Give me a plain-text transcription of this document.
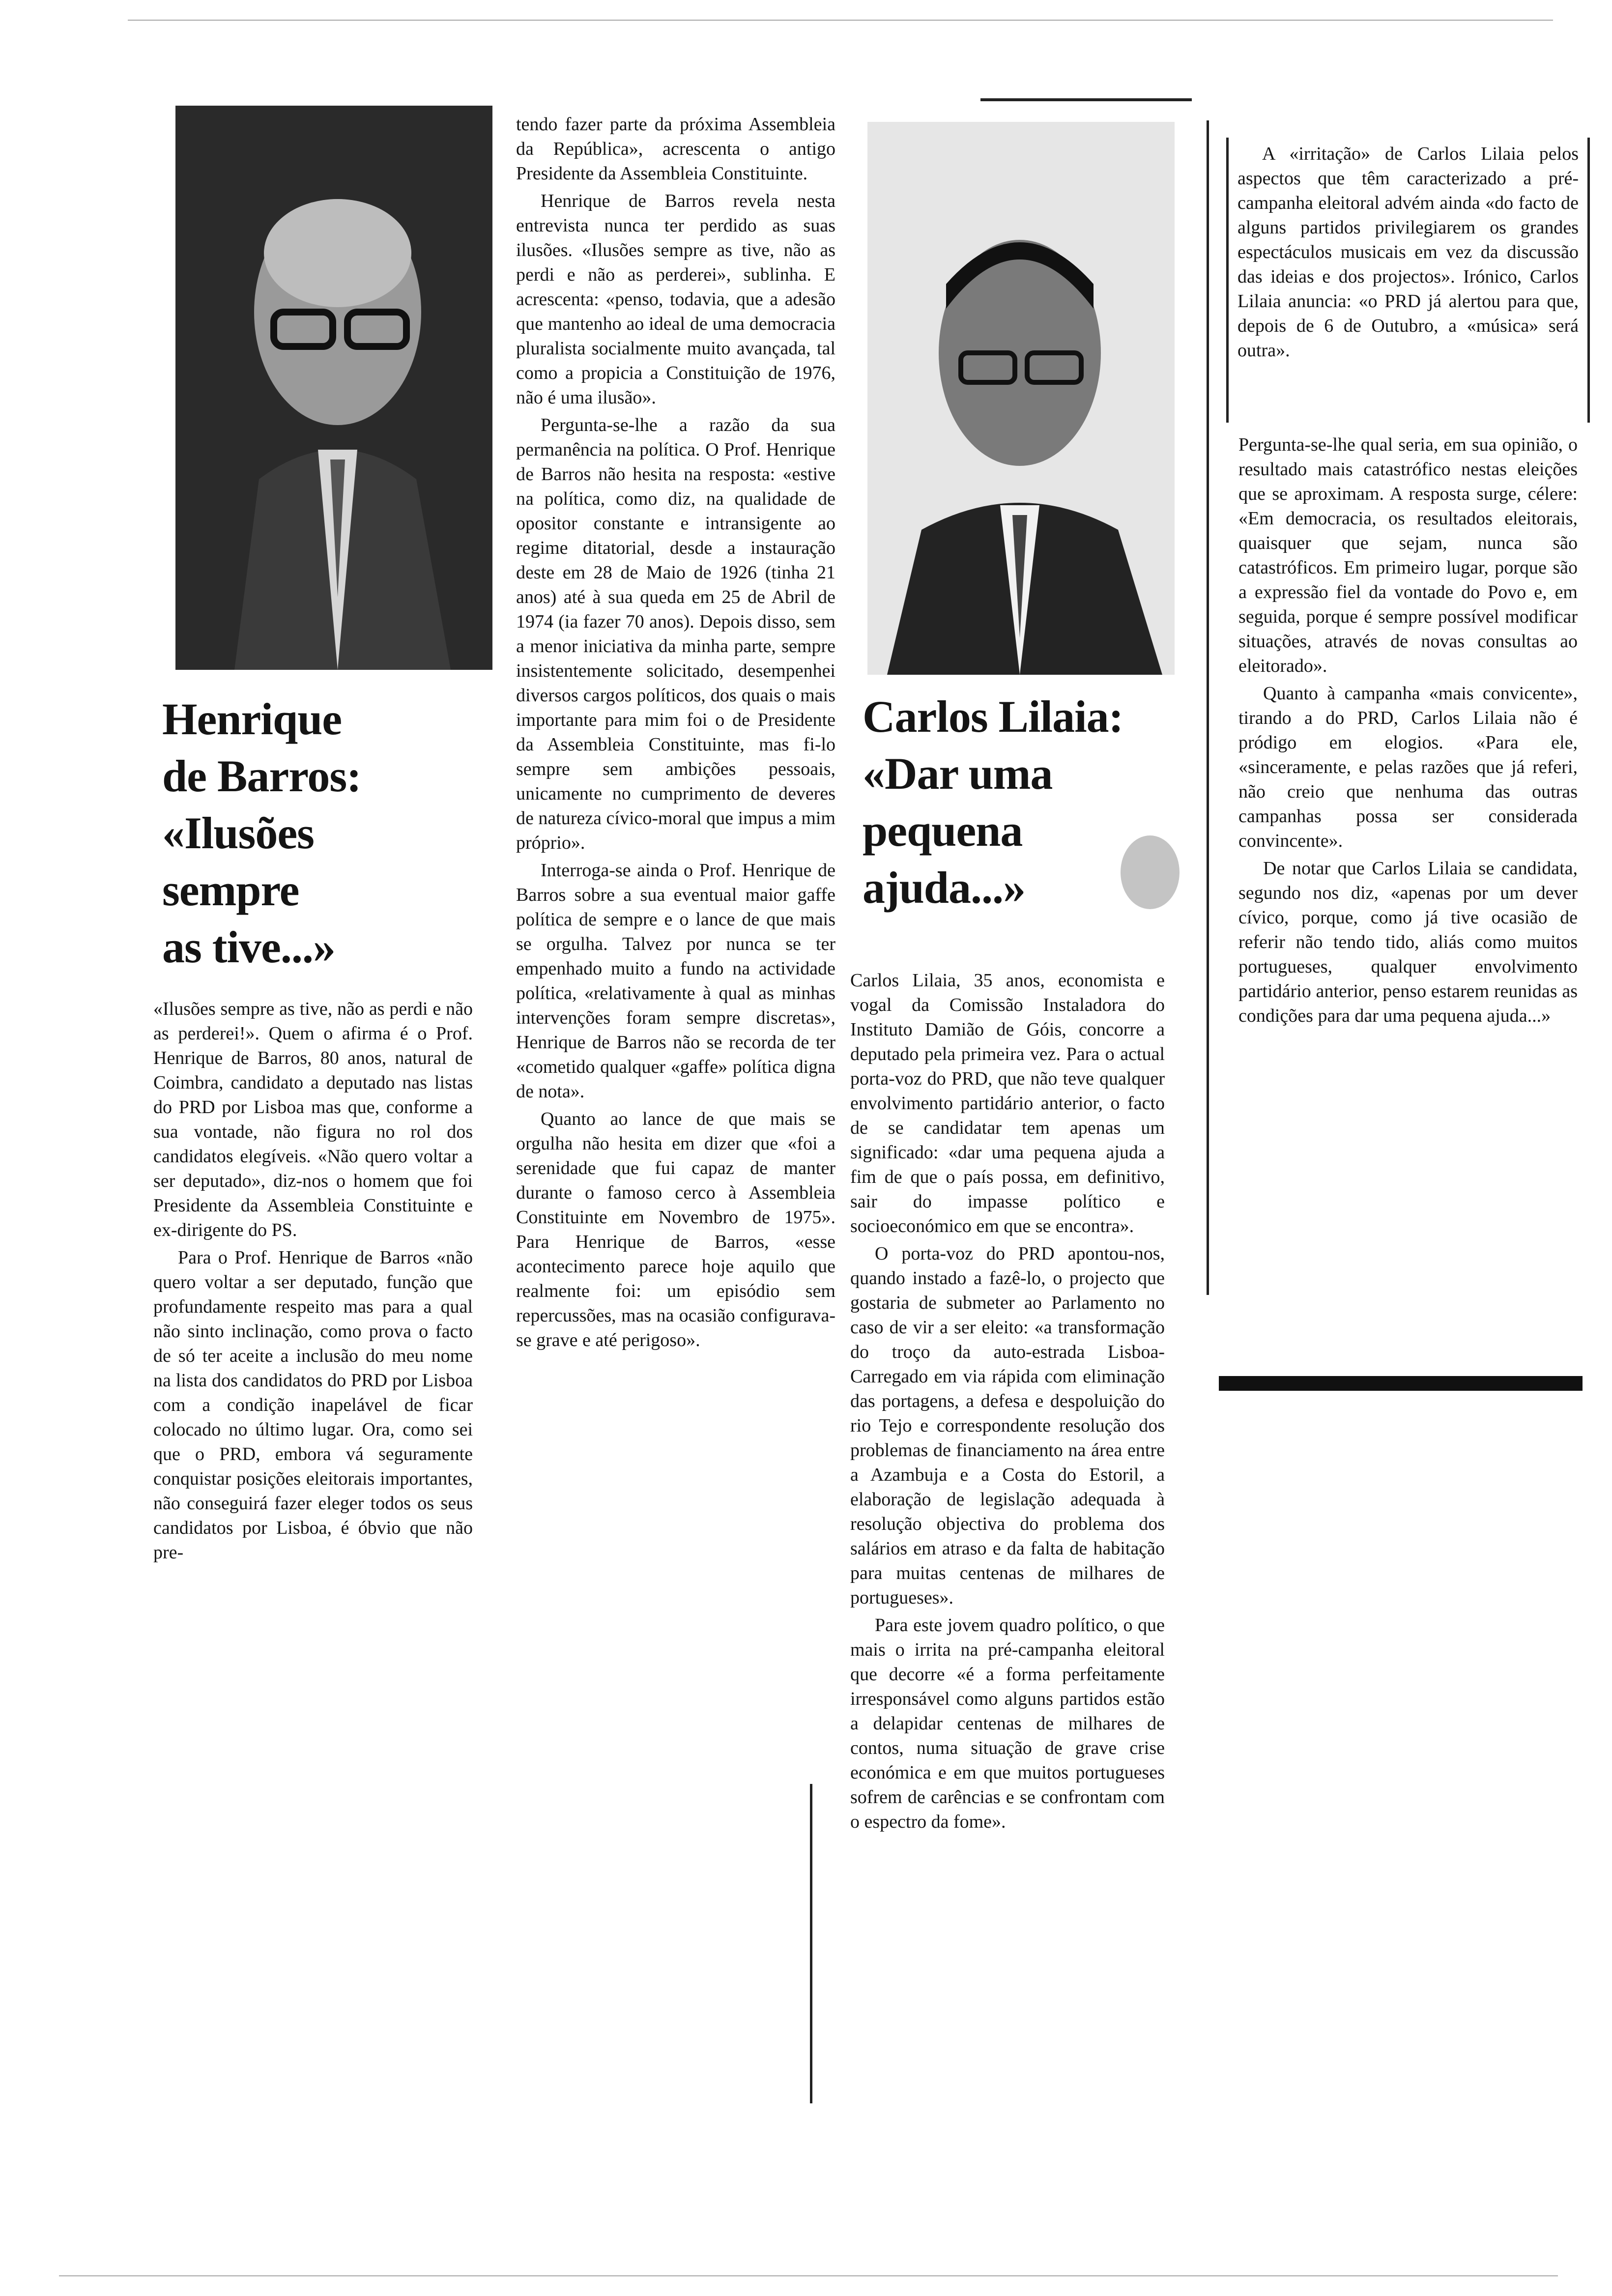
Henrique
de Barros:
«Ilusões
sempre
as tive...»

«Ilusões sempre as tive, não as perdi e não as perderei!». Quem o afirma é o Prof. Henrique de Barros, 80 anos, natural de Coimbra, candidato a deputado nas listas do PRD por Lisboa mas que, conforme a sua vontade, não figura no rol dos candidatos elegíveis. «Não quero voltar a ser deputado», diz-nos o homem que foi Presidente da Assembleia Constituinte e ex-dirigente do PS.

Para o Prof. Henrique de Barros «não quero voltar a ser deputado, função que profundamente respeito mas para a qual não sinto inclinação, como prova o facto de só ter aceite a inclusão do meu nome na lista dos candidatos do PRD por Lisboa com a condição inapelável de ficar colocado no último lugar. Ora, como sei que o PRD, embora vá seguramente conquistar posições eleitorais importantes, não conseguirá fazer eleger todos os seus candidatos por Lisboa, é óbvio que não pre-

tendo fazer parte da próxima Assembleia da República», acrescenta o antigo Presidente da Assembleia Constituinte.

Henrique de Barros revela nesta entrevista nunca ter perdido as suas ilusões. «Ilusões sempre as tive, não as perdi e não as perderei», sublinha. E acrescenta: «penso, todavia, que a adesão que mantenho ao ideal de uma democracia pluralista socialmente muito avançada, tal como a propicia a Constituição de 1976, não é uma ilusão».

Pergunta-se-lhe a razão da sua permanência na política. O Prof. Henrique de Barros não hesita na resposta: «estive na política, como diz, na qualidade de opositor constante e intransigente ao regime ditatorial, desde a instauração deste em 28 de Maio de 1926 (tinha 21 anos) até à sua queda em 25 de Abril de 1974 (ia fazer 70 anos). Depois disso, sem a menor iniciativa da minha parte, sempre insistentemente solicitado, desempenhei diversos cargos políticos, dos quais o mais importante para mim foi o de Presidente da Assembleia Constituinte, mas fi-lo sempre sem ambições pessoais, unicamente no cumprimento de deveres de natureza cívico-moral que impus a mim próprio».

Interroga-se ainda o Prof. Henrique de Barros sobre a sua eventual maior gaffe política de sempre e o lance de que mais se orgulha. Talvez por nunca se ter empenhado muito a fundo na actividade política, «relativamente à qual as minhas intervenções foram sempre discretas», Henrique de Barros não se recorda de ter «cometido qualquer «gaffe» política digna de nota».

Quanto ao lance de que mais se orgulha não hesita em dizer que «foi a serenidade que fui capaz de manter durante o famoso cerco à Assembleia Constituinte em Novembro de 1975». Para Henrique de Barros, «esse acontecimento parece hoje aquilo que realmente foi: um episódio sem repercussões, mas na ocasião configurava-se grave e até perigoso».

Carlos Lilaia:
«Dar uma
pequena
ajuda...»

Carlos Lilaia, 35 anos, economista e vogal da Comissão Instaladora do Instituto Damião de Góis, concorre a deputado pela primeira vez. Para o actual porta-voz do PRD, que não teve qualquer envolvimento partidário anterior, o facto de se candidatar tem apenas um significado: «dar uma pequena ajuda a fim de que o país possa, em definitivo, sair do impasse político e socioeconómico em que se encontra».

O porta-voz do PRD apontou-nos, quando instado a fazê-lo, o projecto que gostaria de submeter ao Parlamento no caso de vir a ser eleito: «a transformação do troço da auto-estrada Lisboa-Carregado em via rápida com eliminação das portagens, a defesa e despoluição do rio Tejo e correspondente resolução dos problemas de financiamento na área entre a Azambuja e a Costa do Estoril, a elaboração de legislação adequada à resolução objectiva do problema dos salários em atraso e da falta de habitação para muitas centenas de milhares de portugueses».

Para este jovem quadro político, o que mais o irrita na pré-campanha eleitoral que decorre «é a forma perfeitamente irresponsável como alguns partidos estão a delapidar centenas de milhares de contos, numa situação de grave crise económica e em que muitos portugueses sofrem de carências e se confrontam com o espectro da fome».

A «irritação» de Carlos Lilaia pelos aspectos que têm caracterizado a pré-campanha eleitoral advém ainda «do facto de alguns partidos privilegiarem os grandes espectáculos musicais em vez da discussão das ideias e dos projectos». Irónico, Carlos Lilaia anuncia: «o PRD já alertou para que, depois de 6 de Outubro, a «música» será outra».

Pergunta-se-lhe qual seria, em sua opinião, o resultado mais catastrófico nestas eleições que se aproximam. A resposta surge, célere: «Em democracia, os resultados eleitorais, quaisquer que sejam, nunca são catastróficos. Em primeiro lugar, porque são a expressão fiel da vontade do Povo e, em seguida, porque é sempre possível modificar situações, através de novas consultas ao eleitorado».

Quanto à campanha «mais convicente», tirando a do PRD, Carlos Lilaia não é pródigo em elogios. «Para ele, «sinceramente, e pelas razões que já referi, não creio que nenhuma das outras campanhas possa ser considerada convincente».

De notar que Carlos Lilaia se candidata, segundo nos diz, «apenas por um dever cívico, porque, como já tive ocasião de referir não tendo tido, aliás como muitos portugueses, qualquer envolvimento partidário anterior, penso estarem reunidas as condições para dar uma pequena ajuda...»
